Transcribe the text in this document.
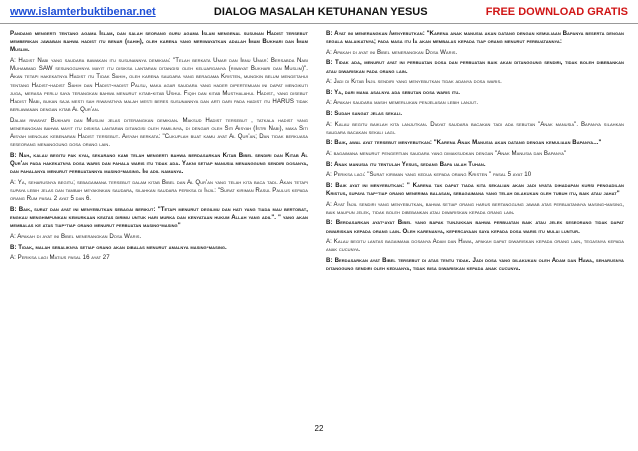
www.islamterbuktibenar.net	DIALOG MASALAH KETUHANAN YESUS	FREE DOWNLOAD GRATIS

Pandang mengerti tentang agama Islam, dan salah seorang guru agama Islam mengenal susunan Hadist tersebut memberikan jawaban bahwa hadist itu benar (sahih), oleh karena yang meriwayatkan adalah Imam Bukhari dan Imam Muslim.

A: Hadist Nabi yang saudara bawakan itu susunannya demikian: "Telah berkata Umar dan Ibnu Umar: Bersabda Nabi Muhammad SAW sesungguhnya mayit itu disiksa lantaran ditangisi oleh keluarganya (riwayat Bukhari dan Muslim)". Akan tetapi hakekatnya Hadist itu Tidak Sahih, oleh karena saudara yang beragama Kristen, mungkin belum mengetahui tentang Hadist-hadist Sahih dan Hadist-hadist Palsu, maka agar saudara yang hader dipertemuan ini dapat mengikuti juga, merasa perlu saya terangkan bahwa menurut kitab-kitab Ushul Fiqih dan kitab Musthalahul Hadist, yang disebut Hadist Nabi, bukan saja mesti sah riwayatnya malah mesti beres susunannya dan arti dari pada hadist itu HARUS tidak berlawanan dengan kitab Al Qur'an.

Dalam riwayat Bukhari dan Muslim jelas diterangkan demikian. Maksud Hadist tersebut , tatkala hadist yang menerangkan bahwa mayit itu disiksa lantaran ditangisi oleh familinya, di dengar oleh Siti Aisyah (Istri Nabi), maka Siti Aisyah menolak kebenaran Hadist tersebut. Aisyah berkata: "Cukuplah buat kamu ayat Al Qur'an; Dan tidak berkuasa seseorang menanggung dosa orang lain.

B: Nah, kalau begitu pak kyai, sekarang kami telah mengerti bahwa berdasarkan Kitab Bibel sendiri dan Kitab Al Qur'an pada hakekatnya dosa waris dan pahala waris itu tidak ada. Yakni setiap manusia menanggung sendiri dosanya, dan pahalanya menurut perbuatannya masing-masing. Ini adil namanya.

A: Ya, seharusnya begitu; sebagaimana tersebut dalam kitab Bibel dan Al Qur'an yang telah kita baca tadi. Akan tetapi supaya lebih jelas dan tambah meyakinkan saudara, silahkan saudara periksa di Injil: "Surat kiriman Rasul Paulus kepada orang Rum pasal 2 ayat 5 dan 6.

B: Baik, surat dan ayat ini menyebutkan sebagai berikut: "Tetapi menurut degilmu dan hati yang tiada mau bertobat, engkau menghimpunkan kemurkaan keatas dirimu untuk hari murka dan kenyataan hukum Allah yang adil". " yang akan membalas ke atas tiap-tiap orang menurut perbuatan masing-masing"

A: Apakah di ayat ini Bibel menerangkan Dosa Waris.

B: Tidak, malah sebaliknya setiap orang akan dibalas menurut amalnya masing-masing.

A: Periksa lagi Matius pasal 16 ayat 27

B: Ayat ini menerangkan /menyebutkan: "Karena anak manusia akan datang dengan kemuliaan Bapanya beserta dengan segala malaikatnya; pada masa itu Ia akan membalas kepada tiap orang menurut perbuatannya:

A: Apakah di ayat ini Bibel menerangkan Dosa Waris.

B: Tidak ada, menurut ayat ini perbuatan dosa dan perbuatan baik akan ditanggung sendiri, tidak boleh dibebankan atau diwariskan pada orang lain.

A: Jadi di Kitab Injil sendiri yang menyebutkan tidak adanya dosa waris.

B: Ya, dari mana asalnya ada sebutan dosa waris itu.

A: Apakah saudara masih memerlukan penjelasan lebih lanjut.

B: Sudah sangat jelas sekali.

A: Kalau begitu baiklah kita lanjutkan. Diayat saudara bacakan tadi ada sebutan "Anak manusia". Bapanya silahkan saudara bacakan sekali lagi.

B: Baik, awal ayat tersebut menyebutkan: "Karena Anak Manusia akan datang dengan kemuliaan Bapanya..."

A: bagaimana menurut pengertian saudara yang dimaksudkan dengan "Anak Manusia dan Bapanya"

B: Anak manusia itu tentulah Yesus, sedang Bapa ialah Tuhan.

A: Periksa lagi: "Surat kiriman yang kedua kepada orang Kristen " pasal 5 ayat 10

B: Baik ayat ini menyebutkan: " Karena tak dapat tiada kita sekalian akan jadi nyata dihadapan kursi pengadilan Kristus, supaya tiap-tiap orang menerima balasan, sebagaimana yang telah dilakukan oleh tubuh itu, baik atau jahat"

A: Ayat Injil sendiri yang menyebutkan, bahwa setiap orang harus bertanggung jawab atas perbuatannya masing-masing, baik maupun jelek, tidak boleh dibebankan atau diwariskan kepada orang lain.

B: Berdasarkan ayat-ayat Bibel yang bapak tunjukkan bahwa perbuatan baik atau jelek seseorang tidak dapat diwariskan kepada orang lain. Oleh karenanya, kepercayaan saya kepada dosa waris itu mulai luntur.

A: Kalau begitu lantas bagaimana dosanya Adam dan Hawa, apakah dapat diwariskan kepada orang lain, tegasnya kepada anak cucunya.

B: Berdasarkan ayat Bibel tersebut di atas tentu tidak. Jadi dosa yang dilakukan oleh Adam dan Hawa, seharusnya ditanggung sendiri oleh keduanya, tidak bisa diwariskan kepada anak cucunya.

22
